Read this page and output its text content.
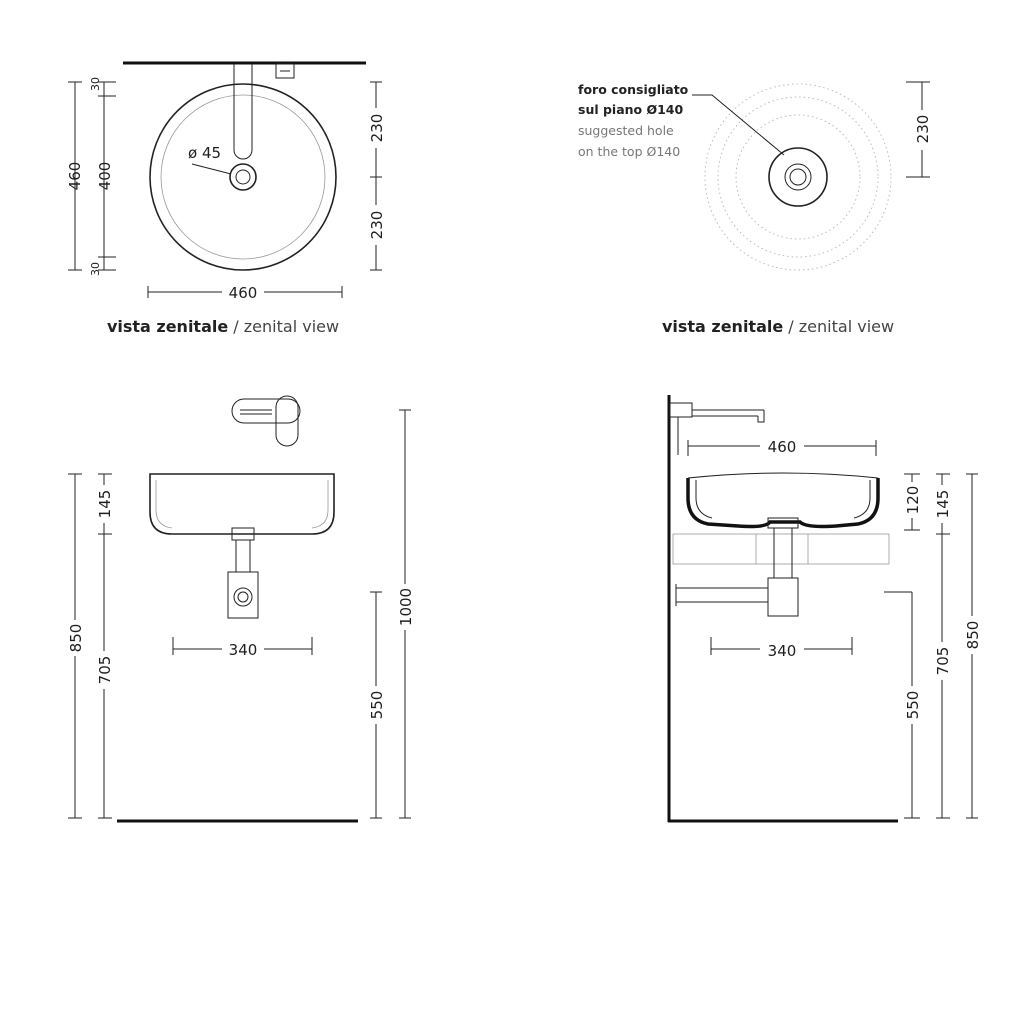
ø 45
460 400
30
30
230
230
460
vista zenitale / zenital view
foro consigliato
sul piano Ø140
suggested hole
on the top Ø140
230
vista zenitale / zenital view
850
145
705
550
1000
340
460
340
120
550
145
705
850
